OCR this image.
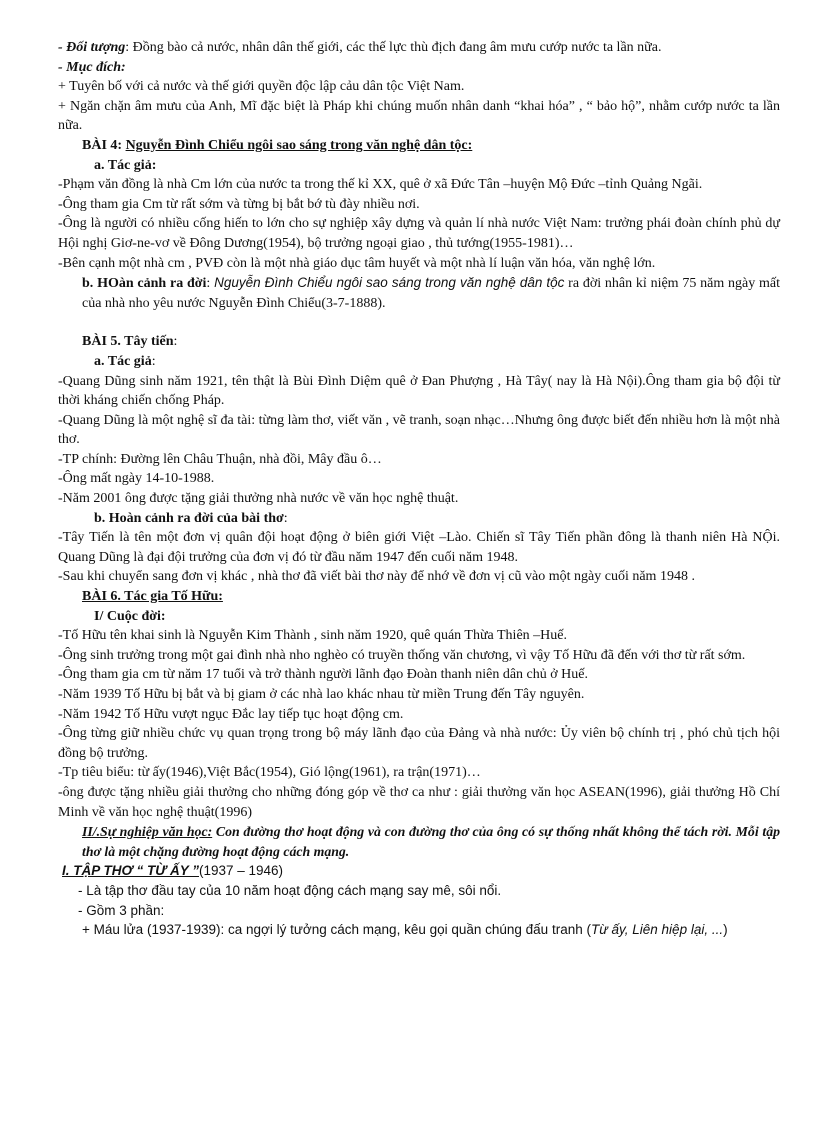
- Đối tượng: Đồng bào cả nước, nhân dân thế giới, các thế lực thù địch đang âm mưu cướp nước ta lần nữa.
- Mục đích:
+ Tuyên bố với cả nước và thế giới quyền độc lập cảu dân tộc Việt Nam.
+ Ngăn chặn âm mưu của Anh, Mĩ đặc biệt là Pháp khi chúng muốn nhân danh “khai hóa” , “ bảo hộ”, nhằm cướp nước ta lần nữa.
BÀI 4: Nguyễn Đình Chiểu ngôi sao sáng trong văn nghệ dân tộc:
a. Tác giả:
-Phạm văn đồng là nhà Cm lớn của nước ta trong thế kỉ XX, quê ở xã Đức Tân –huyện Mộ Đức –tỉnh Quảng Ngãi.
-Ông tham gia Cm từ rất sớm và từng bị bắt bớ tù đày nhiều nơi.
-Ông là người có nhiều cống hiến to lớn cho sự nghiệp xây dựng và quản lí nhà nước Việt Nam: trưởng phái đoàn chính phủ dự Hội nghị Giơ-ne-vơ về Đông Dương(1954), bộ trưởng ngoại giao , thủ tướng(1955-1981)…
-Bên cạnh một nhà cm , PVĐ còn là một nhà giáo dục tâm huyết và một nhà lí luận văn hóa, văn nghệ lớn.
b. HOàn cảnh ra đời: Nguyễn Đình Chiểu ngôi sao sáng trong văn nghệ dân tộc ra đời nhân kỉ niệm 75 năm ngày mất của nhà nho yêu nước Nguyễn Đình Chiểu(3-7-1888).
BÀI 5. Tây tiến:
a. Tác giả:
-Quang Dũng sinh năm 1921, tên thật là Bùi Đình Diệm quê ở Đan Phượng , Hà Tây( nay là Hà Nội).Ông tham gia bộ đội từ thời kháng chiến chống Pháp.
-Quang Dũng là một nghệ sĩ đa tài: từng làm thơ, viết văn , vẽ tranh, soạn nhạc…Nhưng ông được biết đến nhiều hơn là một nhà thơ.
-TP chính: Đường lên Châu Thuận, nhà đồi, Mây đầu ô…
-Ông mất ngày 14-10-1988.
-Năm 2001 ông được tặng giải thưởng nhà nước về văn học nghệ thuật.
b. Hoàn cảnh ra đời của bài thơ:
-Tây Tiến là tên một đơn vị quân đội hoạt động ở biên giới Việt –Lào. Chiến sĩ Tây Tiến phần đông là thanh niên Hà NỘi. Quang Dũng là đại đội trưởng của đơn vị đó từ đầu năm 1947 đến cuối năm 1948.
-Sau khi chuyển sang đơn vị khác , nhà thơ đã viết bài thơ này để nhớ về đơn vị cũ vào một ngày cuối năm 1948 .
BÀI 6. Tác gia Tố Hữu:
I/ Cuộc đời:
-Tố Hữu tên khai sinh là Nguyễn Kim Thành , sinh năm 1920, quê quán Thừa Thiên –Huế.
-Ông sinh trưởng trong một gai đình nhà nho nghèo có truyền thống văn chương, vì vậy Tố Hữu đã đến với thơ từ rất sớm.
-Ông tham gia cm từ năm 17 tuổi và trở thành người lãnh đạo Đoàn thanh niên dân chủ ở Huế.
-Năm 1939 Tố Hữu bị bắt và bị giam ở các nhà lao khác nhau từ miền Trung đến Tây nguyên.
-Năm 1942 Tố Hữu vượt ngục Đắc lay tiếp tục hoạt động cm.
-Ông từng giữ nhiều chức vụ quan trọng trong bộ máy lãnh đạo của Đảng và nhà nước: Ủy viên bộ chính trị , phó chủ tịch hội đồng bộ trưởng.
-Tp tiêu biểu: từ ấy(1946),Việt Bắc(1954), Gió lộng(1961), ra trận(1971)…
-ông được tặng nhiều giải thưởng cho những đóng góp về thơ ca như : giải thưởng văn học ASEAN(1996), giải thưởng Hồ Chí Minh về văn học nghệ thuật(1996)
II/.Sự nghiệp văn học: Con đường thơ hoạt động và con đường thơ của ông có sự thống nhất không thể tách rời. Mỗi tập thơ là một chặng đường hoạt động cách mạng.
I. TẬP THƠ “ TỪ ẤY ”(1937 – 1946)
- Là tập thơ đầu tay của 10 năm hoạt động cách mạng say mê, sôi nổi.
- Gồm 3 phần:
+ Máu lửa (1937-1939): ca ngợi lý tưởng cách mạng, kêu gọi quần chúng đấu tranh (Từ ấy, Liên hiệp lại, ...)
